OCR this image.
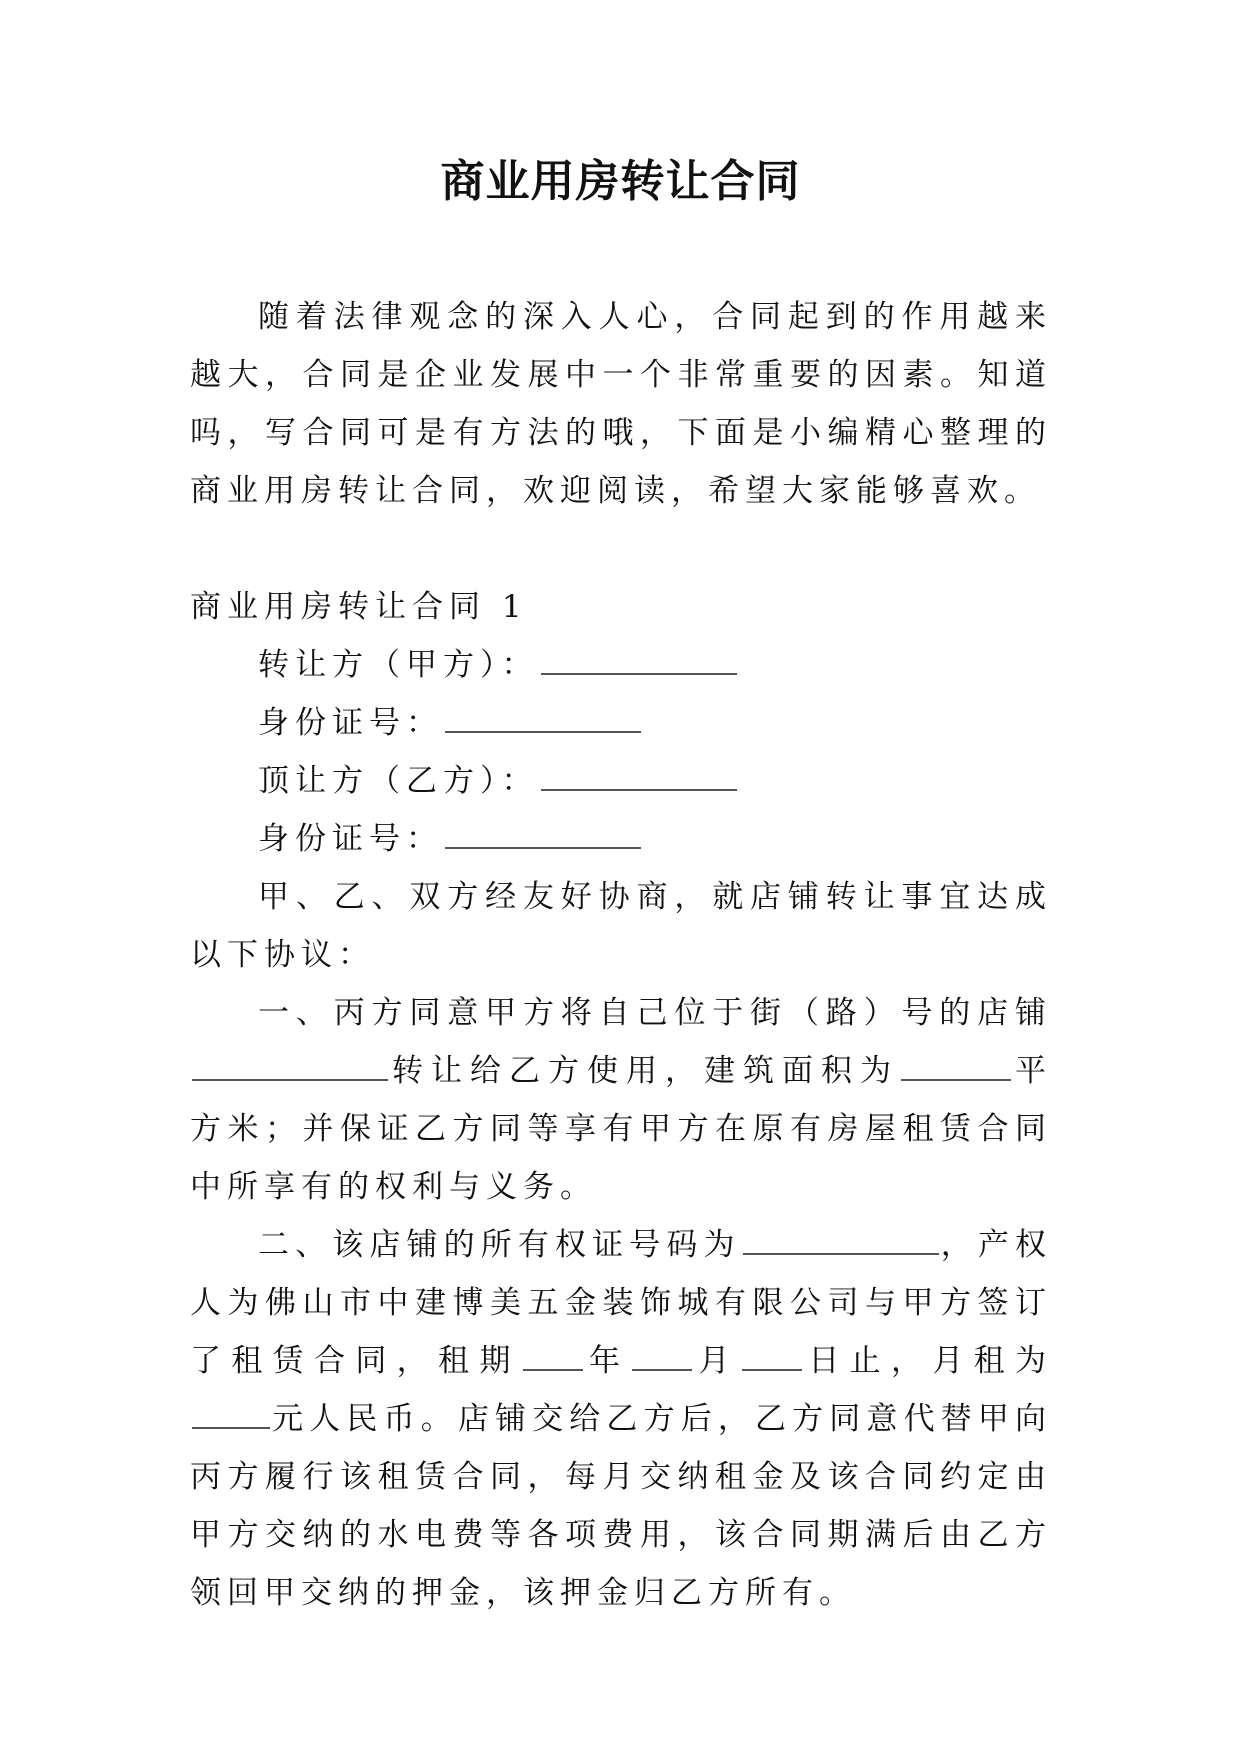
商业用房转让合同

随着法律观念的深入人心，合同起到的作用越来越大，合同是企业发展中一个非常重要的因素。知道吗，写合同可是有方法的哦，下面是小编精心整理的商业用房转让合同，欢迎阅读，希望大家能够喜欢。

商业用房转让合同 1

转让方（甲方）：

身份证号：

顶让方（乙方）：

身份证号：

甲、乙、双方经友好协商，就店铺转让事宜达成以下协议：

一、丙方同意甲方将自己位于街（路）号的店铺转让给乙方使用，建筑面积为	平方米；并保证乙方同等享有甲方在原有房屋租赁合同中所享有的权利与义务。

二、该店铺的所有权证号码为	，产权人为佛山市中建博美五金装饰城有限公司与甲方签订了租赁合同，租期 年 月 日止，月租为元人民币。店铺交给乙方后，乙方同意代替甲向丙方履行该租赁合同，每月交纳租金及该合同约定由甲方交纳的水电费等各项费用，该合同期满后由乙方领回甲交纳的押金，该押金归乙方所有。
